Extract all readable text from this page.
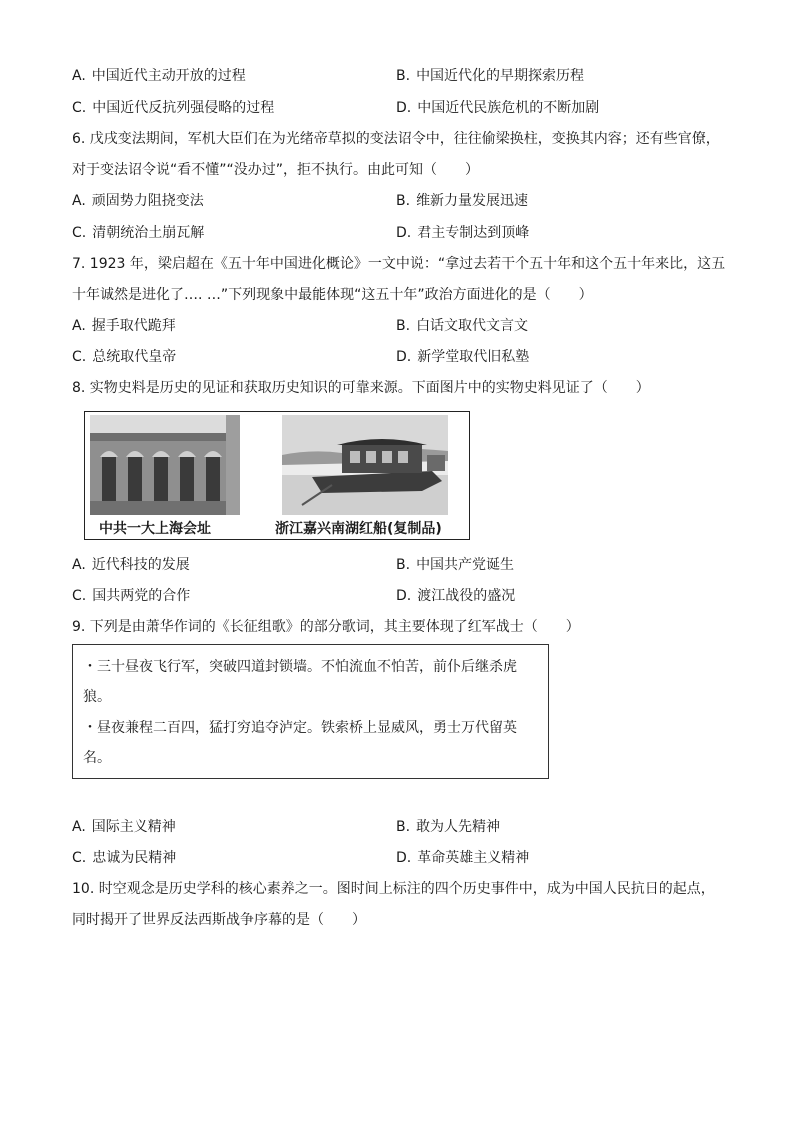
A. 中国近代主动开放的过程	B. 中国近代化的早期探索历程
C. 中国近代反抗列强侵略的过程	D. 中国近代民族危机的不断加剧
6. 戊戌变法期间，军机大臣们在为光绪帝草拟的变法诏令中，往往偷梁换柱，变换其内容；还有些官僚，
对于变法诏令说“看不懂”“没办过”，拒不执行。由此可知（　　）
A. 顽固势力阻挠变法	B. 维新力量发展迅速
C. 清朝统治土崩瓦解	D. 君主专制达到顶峰
7. 1923 年，梁启超在《五十年中国进化概论》一文中说：“拿过去若干个五十年和这个五十年来比，这五
十年诚然是进化了…. …”下列现象中最能体现“这五十年”政治方面进化的是（　　）
A. 握手取代跪拜	B. 白话文取代文言文
C. 总统取代皇帝	D. 新学堂取代旧私塾
8. 实物史料是历史的见证和获取历史知识的可靠来源。下面图片中的实物史料见证了（　　）
中共一大上海会址	浙江嘉兴南湖红船(复制品)
A. 近代科技的发展	B. 中国共产党诞生
C. 国共两党的合作	D. 渡江战役的盛况
9. 下列是由萧华作词的《长征组歌》的部分歌词，其主要体现了红军战士（　　）
・三十昼夜飞行军，突破四道封锁墙。不怕流血不怕苦，前仆后继杀虎
狼。
・昼夜兼程二百四，猛打穷追夺泸定。铁索桥上显威风，勇士万代留英
名。
A. 国际主义精神	B. 敢为人先精神
C. 忠诚为民精神	D. 革命英雄主义精神
10. 时空观念是历史学科的核心素养之一。图时间上标注的四个历史事件中，成为中国人民抗日的起点，
同时揭开了世界反法西斯战争序幕的是（　　）
